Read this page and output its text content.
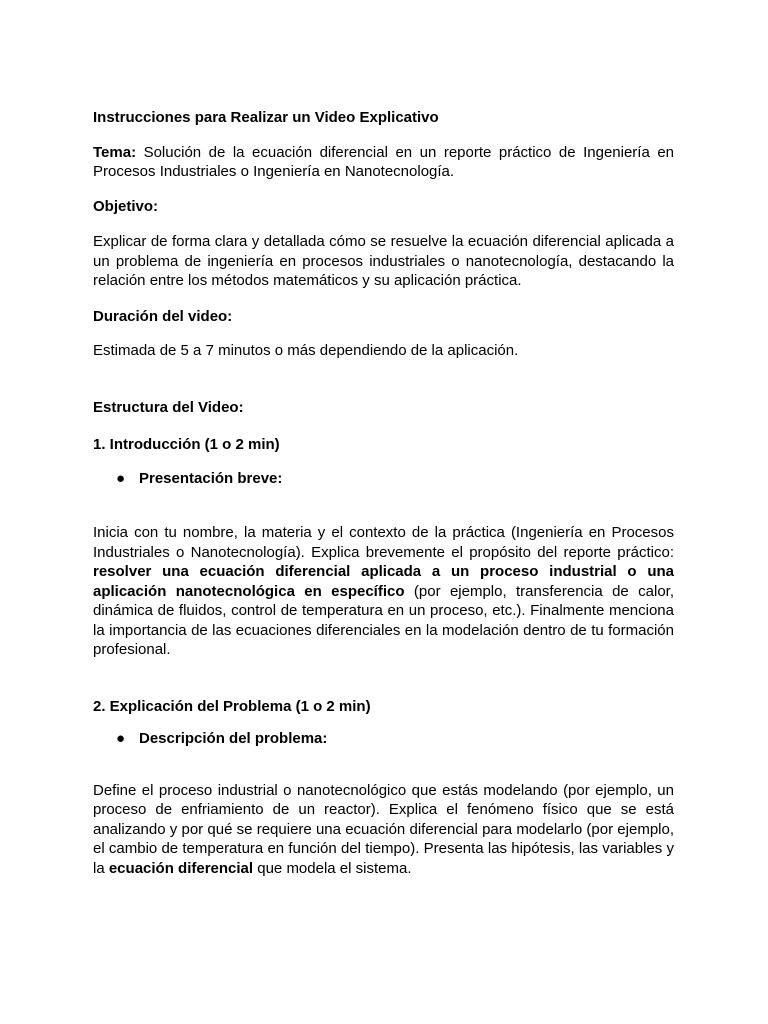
Instrucciones para Realizar un Video Explicativo

Tema: Solución de la ecuación diferencial en un reporte práctico de Ingeniería en Procesos Industriales o Ingeniería en Nanotecnología.

Objetivo:

Explicar de forma clara y detallada cómo se resuelve la ecuación diferencial aplicada a un problema de ingeniería en procesos industriales o nanotecnología, destacando la relación entre los métodos matemáticos y su aplicación práctica.

Duración del video:

Estimada de 5 a 7 minutos o más dependiendo de la aplicación.

Estructura del Video:

1. Introducción (1 o 2 min)

● Presentación breve:

Inicia con tu nombre, la materia y el contexto de la práctica (Ingeniería en Procesos Industriales o Nanotecnología). Explica brevemente el propósito del reporte práctico: resolver una ecuación diferencial aplicada a un proceso industrial o una aplicación nanotecnológica en específico (por ejemplo, transferencia de calor, dinámica de fluidos, control de temperatura en un proceso, etc.). Finalmente menciona la importancia de las ecuaciones diferenciales en la modelación dentro de tu formación profesional.

2. Explicación del Problema (1 o 2 min)

● Descripción del problema:

Define el proceso industrial o nanotecnológico que estás modelando (por ejemplo, un proceso de enfriamiento de un reactor). Explica el fenómeno físico que se está analizando y por qué se requiere una ecuación diferencial para modelarlo (por ejemplo, el cambio de temperatura en función del tiempo). Presenta las hipótesis, las variables y la ecuación diferencial que modela el sistema.
